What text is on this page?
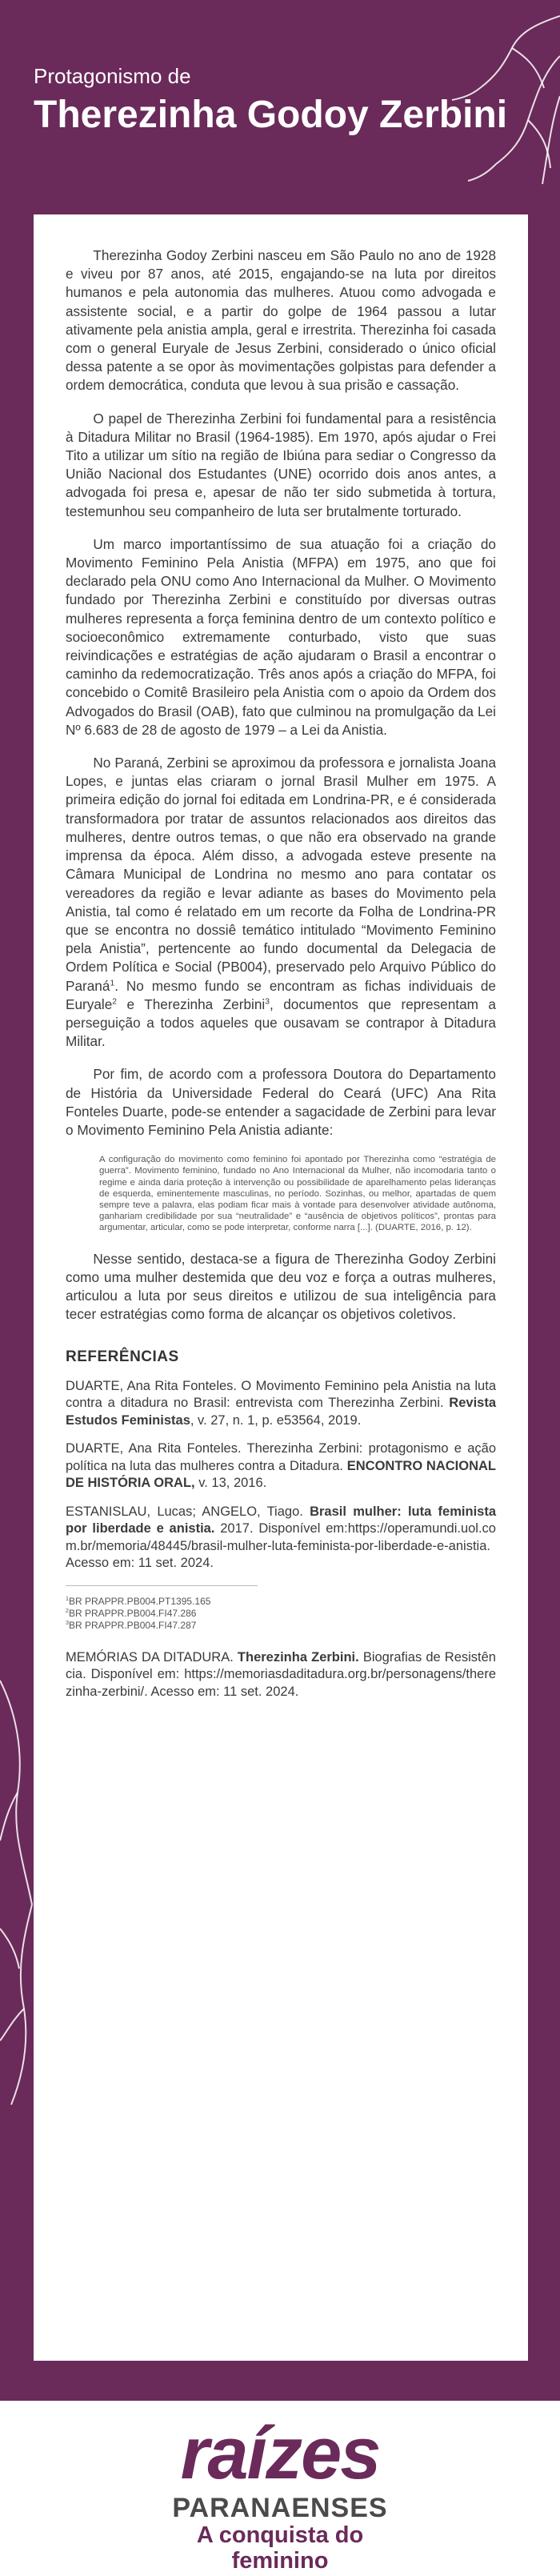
Protagonismo de
Therezinha Godoy Zerbini

Therezinha Godoy Zerbini nasceu em São Paulo no ano de 1928 e viveu por 87 anos, até 2015, engajando-se na luta por direitos humanos e pela autonomia das mulheres. Atuou como advogada e assistente social, e a partir do golpe de 1964 passou a lutar ativamente pela anistia ampla, geral e irrestrita. Therezinha foi casada com o general Euryale de Jesus Zerbini, considerado o único oficial dessa patente a se opor às movimentações golpistas para defender a ordem democrática, conduta que levou à sua prisão e cassação.

O papel de Therezinha Zerbini foi fundamental para a resistência à Ditadura Militar no Brasil (1964-1985). Em 1970, após ajudar o Frei Tito a utilizar um sítio na região de Ibiúna para sediar o Congresso da União Nacional dos Estudantes (UNE) ocorrido dois anos antes, a advogada foi presa e, apesar de não ter sido submetida à tortura, testemunhou seu companheiro de luta ser brutalmente torturado.

Um marco importantíssimo de sua atuação foi a criação do Movimento Feminino Pela Anistia (MFPA) em 1975, ano que foi declarado pela ONU como Ano Internacional da Mulher. O Movimento fundado por Therezinha Zerbini e constituído por diversas outras mulheres representa a força feminina dentro de um contexto político e socioeconômico extremamente conturbado, visto que suas reivindicações e estratégias de ação ajudaram o Brasil a encontrar o caminho da redemocratização. Três anos após a criação do MFPA, foi concebido o Comitê Brasileiro pela Anistia com o apoio da Ordem dos Advogados do Brasil (OAB), fato que culminou na promulgação da Lei Nº 6.683 de 28 de agosto de 1979 – a Lei da Anistia.

No Paraná, Zerbini se aproximou da professora e jornalista Joana Lopes, e juntas elas criaram o jornal Brasil Mulher em 1975. A primeira edição do jornal foi editada em Londrina-PR, e é considerada transformadora por tratar de assuntos relacionados aos direitos das mulheres, dentre outros temas, o que não era observado na grande imprensa da época. Além disso, a advogada esteve presente na Câmara Municipal de Londrina no mesmo ano para contatar os vereadores da região e levar adiante as bases do Movimento pela Anistia, tal como é relatado em um recorte da Folha de Londrina-PR que se encontra no dossiê temático intitulado “Movimento Feminino pela Anistia”, pertencente ao fundo documental da Delegacia de Ordem Política e Social (PB004), preservado pelo Arquivo Público do Paraná$^1$. No mesmo fundo se encontram as fichas individuais de Euryale$^2$ e Therezinha Zerbini$^3$, documentos que representam a perseguição a todos aqueles que ousavam se contrapor à Ditadura Militar.

Por fim, de acordo com a professora Doutora do Departamento de História da Universidade Federal do Ceará (UFC) Ana Rita Fonteles Duarte, pode-se entender a sagacidade de Zerbini para levar o Movimento Feminino Pela Anistia adiante:

A configuração do movimento como feminino foi apontado por Therezinha como “estratégia de guerra”. Movimento feminino, fundado no Ano Internacional da Mulher, não incomodaria tanto o regime e ainda daria proteção à intervenção ou possibilidade de aparelhamento pelas lideranças de esquerda, eminentemente masculinas, no período. Sozinhas, ou melhor, apartadas de quem sempre teve a palavra, elas podiam ficar mais à vontade para desenvolver atividade autônoma, ganhariam credibilidade por sua “neutralidade” e “ausência de objetivos políticos”, prontas para argumentar, articular, como se pode interpretar, conforme narra [...]. (DUARTE, 2016, p. 12).

Nesse sentido, destaca-se a figura de Therezinha Godoy Zerbini como uma mulher destemida que deu voz e força a outras mulheres, articulou a luta por seus direitos e utilizou de sua inteligência para tecer estratégias como forma de alcançar os objetivos coletivos.

REFERÊNCIAS
DUARTE, Ana Rita Fonteles. O Movimento Feminino pela Anistia na luta contra a ditadura no Brasil: entrevista com Therezinha Zerbini. Revista Estudos Feministas, v. 27, n. 1, p. e53564, 2019.
DUARTE, Ana Rita Fonteles. Therezinha Zerbini: protagonismo e ação política na luta das mulheres contra a Ditadura. ENCONTRO NACIONAL DE HISTÓRIA ORAL, v. 13, 2016.
ESTANISLAU, Lucas; ANGELO, Tiago. Brasil mulher: luta feminista por liberdade e anistia. 2017. Disponível em:https://operamundi.uol.com.br/memoria/48445/brasil-mulher-luta-feminista-por-liberdade-e-anistia. Acesso em: 11 set. 2024.
$^1$BR PRAPPR.PB004.PT1395.165
$^2$BR PRAPPR.PB004.FI47.286
$^3$BR PRAPPR.PB004.FI47.287
MEMÓRIAS DA DITADURA. Therezinha Zerbini. Biografias de Resistência. Disponível em: https://memoriasdaditadura.org.br/personagens/therezinha-zerbini/. Acesso em: 11 set. 2024.
raízes
PARANAENSES
A conquista do feminino
